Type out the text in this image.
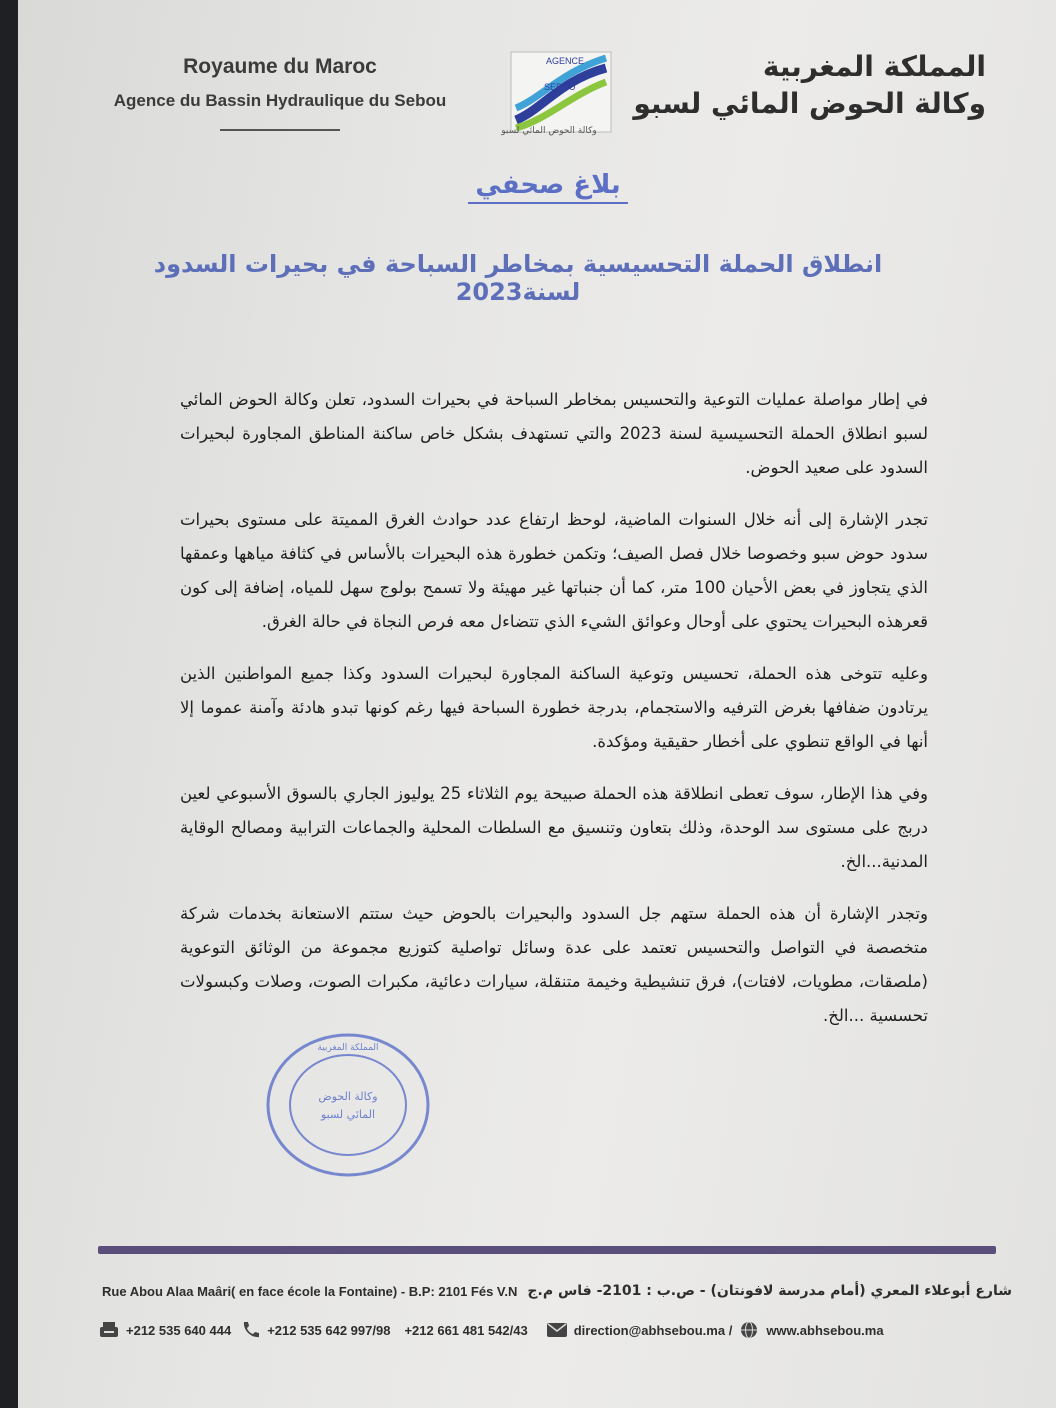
Royaume du Maroc
Agence du Bassin Hydraulique du Sebou
AGENCE
SEBOU
وكالة الحوض المائي لسبو
المملكة المغربية
وكالة الحوض المائي لسبو
بلاغ صحفي
انطلاق الحملة التحسيسية بمخاطر السباحة في بحيرات السدود لسنة2023

في إطار مواصلة عمليات التوعية والتحسيس بمخاطر السباحة في بحيرات السدود، تعلن وكالة الحوض المائي لسبو انطلاق الحملة التحسيسية لسنة 2023 والتي تستهدف بشكل خاص ساكنة المناطق المجاورة لبحيرات السدود على صعيد الحوض.

تجدر الإشارة إلى أنه خلال السنوات الماضية، لوحظ ارتفاع عدد حوادث الغرق المميتة على مستوى بحيرات سدود حوض سبو وخصوصا خلال فصل الصيف؛ وتكمن خطورة هذه البحيرات بالأساس في كثافة مياهها وعمقها الذي يتجاوز في بعض الأحيان 100 متر، كما أن جنباتها غير مهيئة ولا تسمح بولوج سهل للمياه، إضافة إلى كون قعرهذه البحيرات يحتوي على أوحال وعوائق الشيء الذي تتضاءل معه فرص النجاة في حالة الغرق.

وعليه تتوخى هذه الحملة، تحسيس وتوعية الساكنة المجاورة لبحيرات السدود وكذا جميع المواطنين الذين يرتادون ضفافها بغرض الترفيه والاستجمام، بدرجة خطورة السباحة فيها رغم كونها تبدو هادئة وآمنة عموما إلا أنها في الواقع تنطوي على أخطار حقيقية ومؤكدة.

وفي هذا الإطار، سوف تعطى انطلاقة هذه الحملة صبيحة يوم الثلاثاء 25 يوليوز الجاري بالسوق الأسبوعي لعين دربج على مستوى سد الوحدة، وذلك بتعاون وتنسيق مع السلطات المحلية والجماعات الترابية ومصالح الوقاية المدنية...الخ.

وتجدر الإشارة أن هذه الحملة ستهم جل السدود والبحيرات بالحوض حيث ستتم الاستعانة بخدمات شركة متخصصة في التواصل والتحسيس تعتمد على عدة وسائل تواصلية كتوزيع مجموعة من الوثائق التوعوية (ملصقات، مطويات، لافتات)، فرق تنشيطية وخيمة متنقلة، سيارات دعائية، مكبرات الصوت، وصلات وكبسولات تحسسية ...الخ.

وكالة الحوض
المائي لسبو
المملكة المغربية
Rue Abou Alaa Maâri( en face école la Fontaine) - B.P: 2101 Fés V.N شارع أبوعلاء المعري (أمام مدرسة لافونتان) - ص.ب : 2101- فاس م.ج
+212 535 640 444	+212 535 642 997/98 +212 661 481 542/43	direction@abhsebou.ma /	www.abhsebou.ma
